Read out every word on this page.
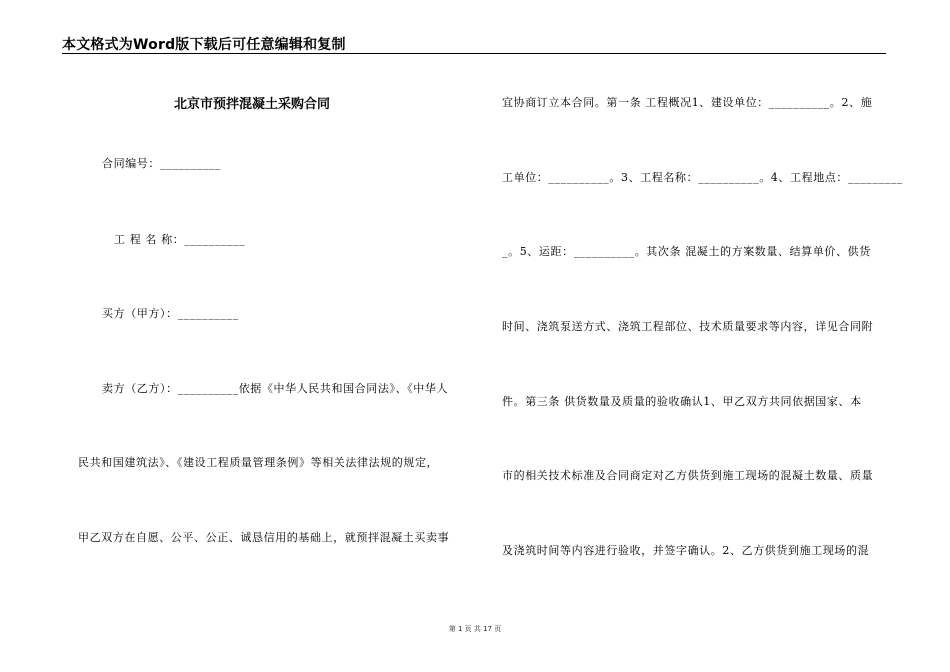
本文格式为Word版下载后可任意编辑和复制
北京市预拌混凝土采购合同
合同编号：__________
工 程 名 称：__________
买方（甲方）：__________
卖方（乙方）：__________依据《中华人民共和国合同法》、《中华人
民共和国建筑法》、《建设工程质量管理条例》等相关法律法规的规定，
甲乙双方在自愿、公平、公正、诚恳信用的基础上，就预拌混凝土买卖事
宜协商订立本合同。第一条 工程概况1、建设单位：__________。2、施
工单位：__________。3、工程名称：__________。4、工程地点：_________
_。5、运距：__________。其次条 混凝土的方案数量、结算单价、供货
时间、浇筑泵送方式、浇筑工程部位、技术质量要求等内容，详见合同附
件。第三条 供货数量及质量的验收确认1、甲乙双方共同依据国家、本
市的相关技术标准及合同商定对乙方供货到施工现场的混凝土数量、质量
及浇筑时间等内容进行验收，并签字确认。2、乙方供货到施工现场的混
第 1 页 共 17 页
